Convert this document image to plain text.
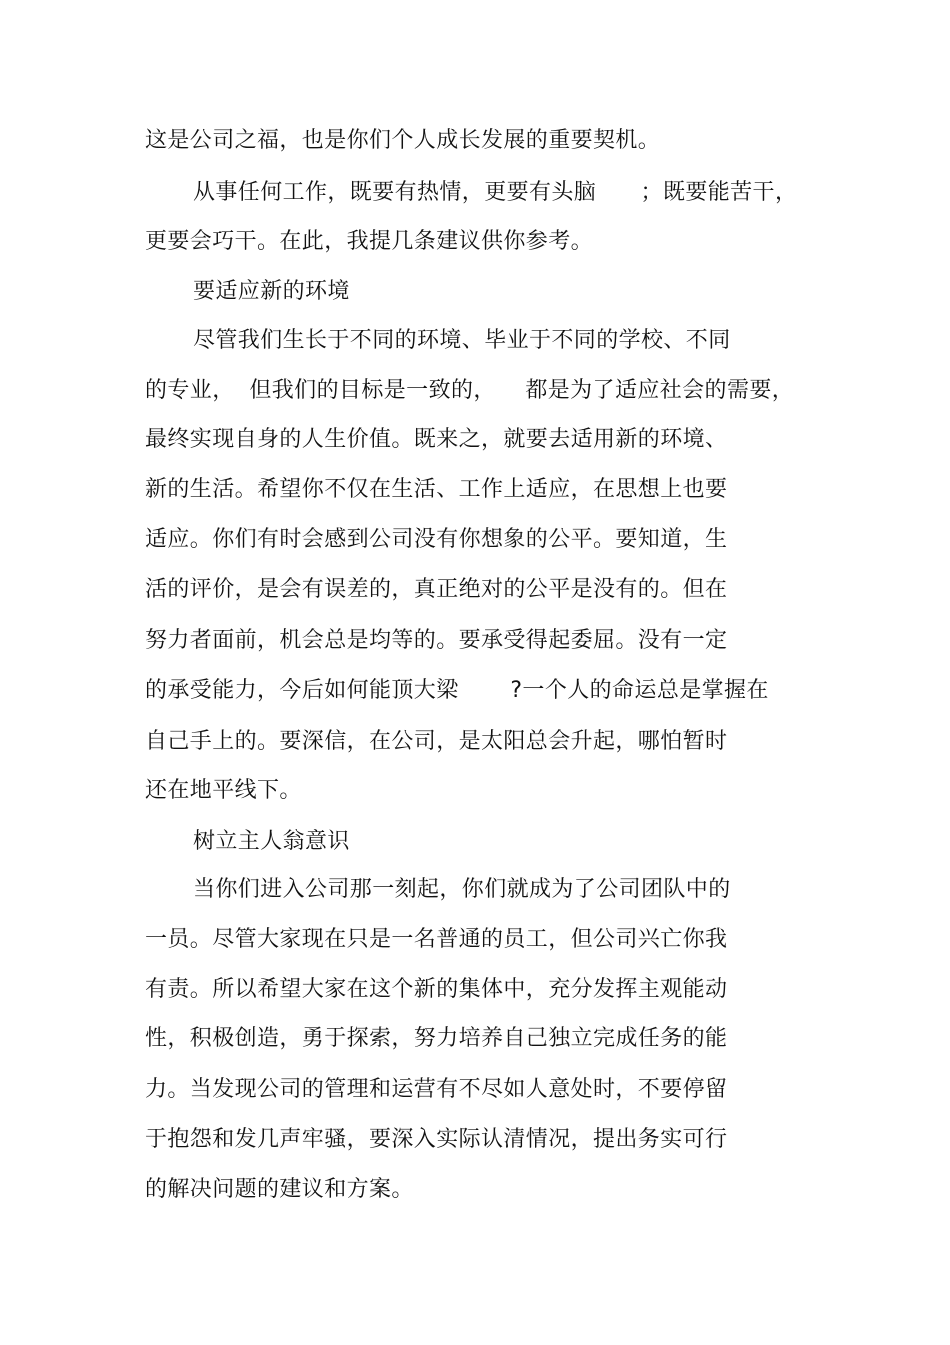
这是公司之福，也是你们个人成长发展的重要契机。
从事任何工作，既要有热情，更要有头脑      ；既要能苦干，
更要会巧干。在此，我提几条建议供你参考。
要适应新的环境
尽管我们生长于不同的环境、毕业于不同的学校、不同
的专业，  但我们的目标是一致的，    都是为了适应社会的需要，
最终实现自身的人生价值。既来之，就要去适用新的环境、
新的生活。希望你不仅在生活、工作上适应，在思想上也要
适应。你们有时会感到公司没有你想象的公平。要知道，生
活的评价，是会有误差的，真正绝对的公平是没有的。但在
努力者面前，机会总是均等的。要承受得起委屈。没有一定
的承受能力，今后如何能顶大梁       ?一个人的命运总是掌握在
自己手上的。要深信，在公司，是太阳总会升起，哪怕暂时
还在地平线下。
树立主人翁意识
当你们进入公司那一刻起，你们就成为了公司团队中的
一员。尽管大家现在只是一名普通的员工，但公司兴亡你我
有责。所以希望大家在这个新的集体中，充分发挥主观能动
性，积极创造，勇于探索，努力培养自己独立完成任务的能
力。当发现公司的管理和运营有不尽如人意处时，不要停留
于抱怨和发几声牢骚，要深入实际认清情况，提出务实可行
的解决问题的建议和方案。
